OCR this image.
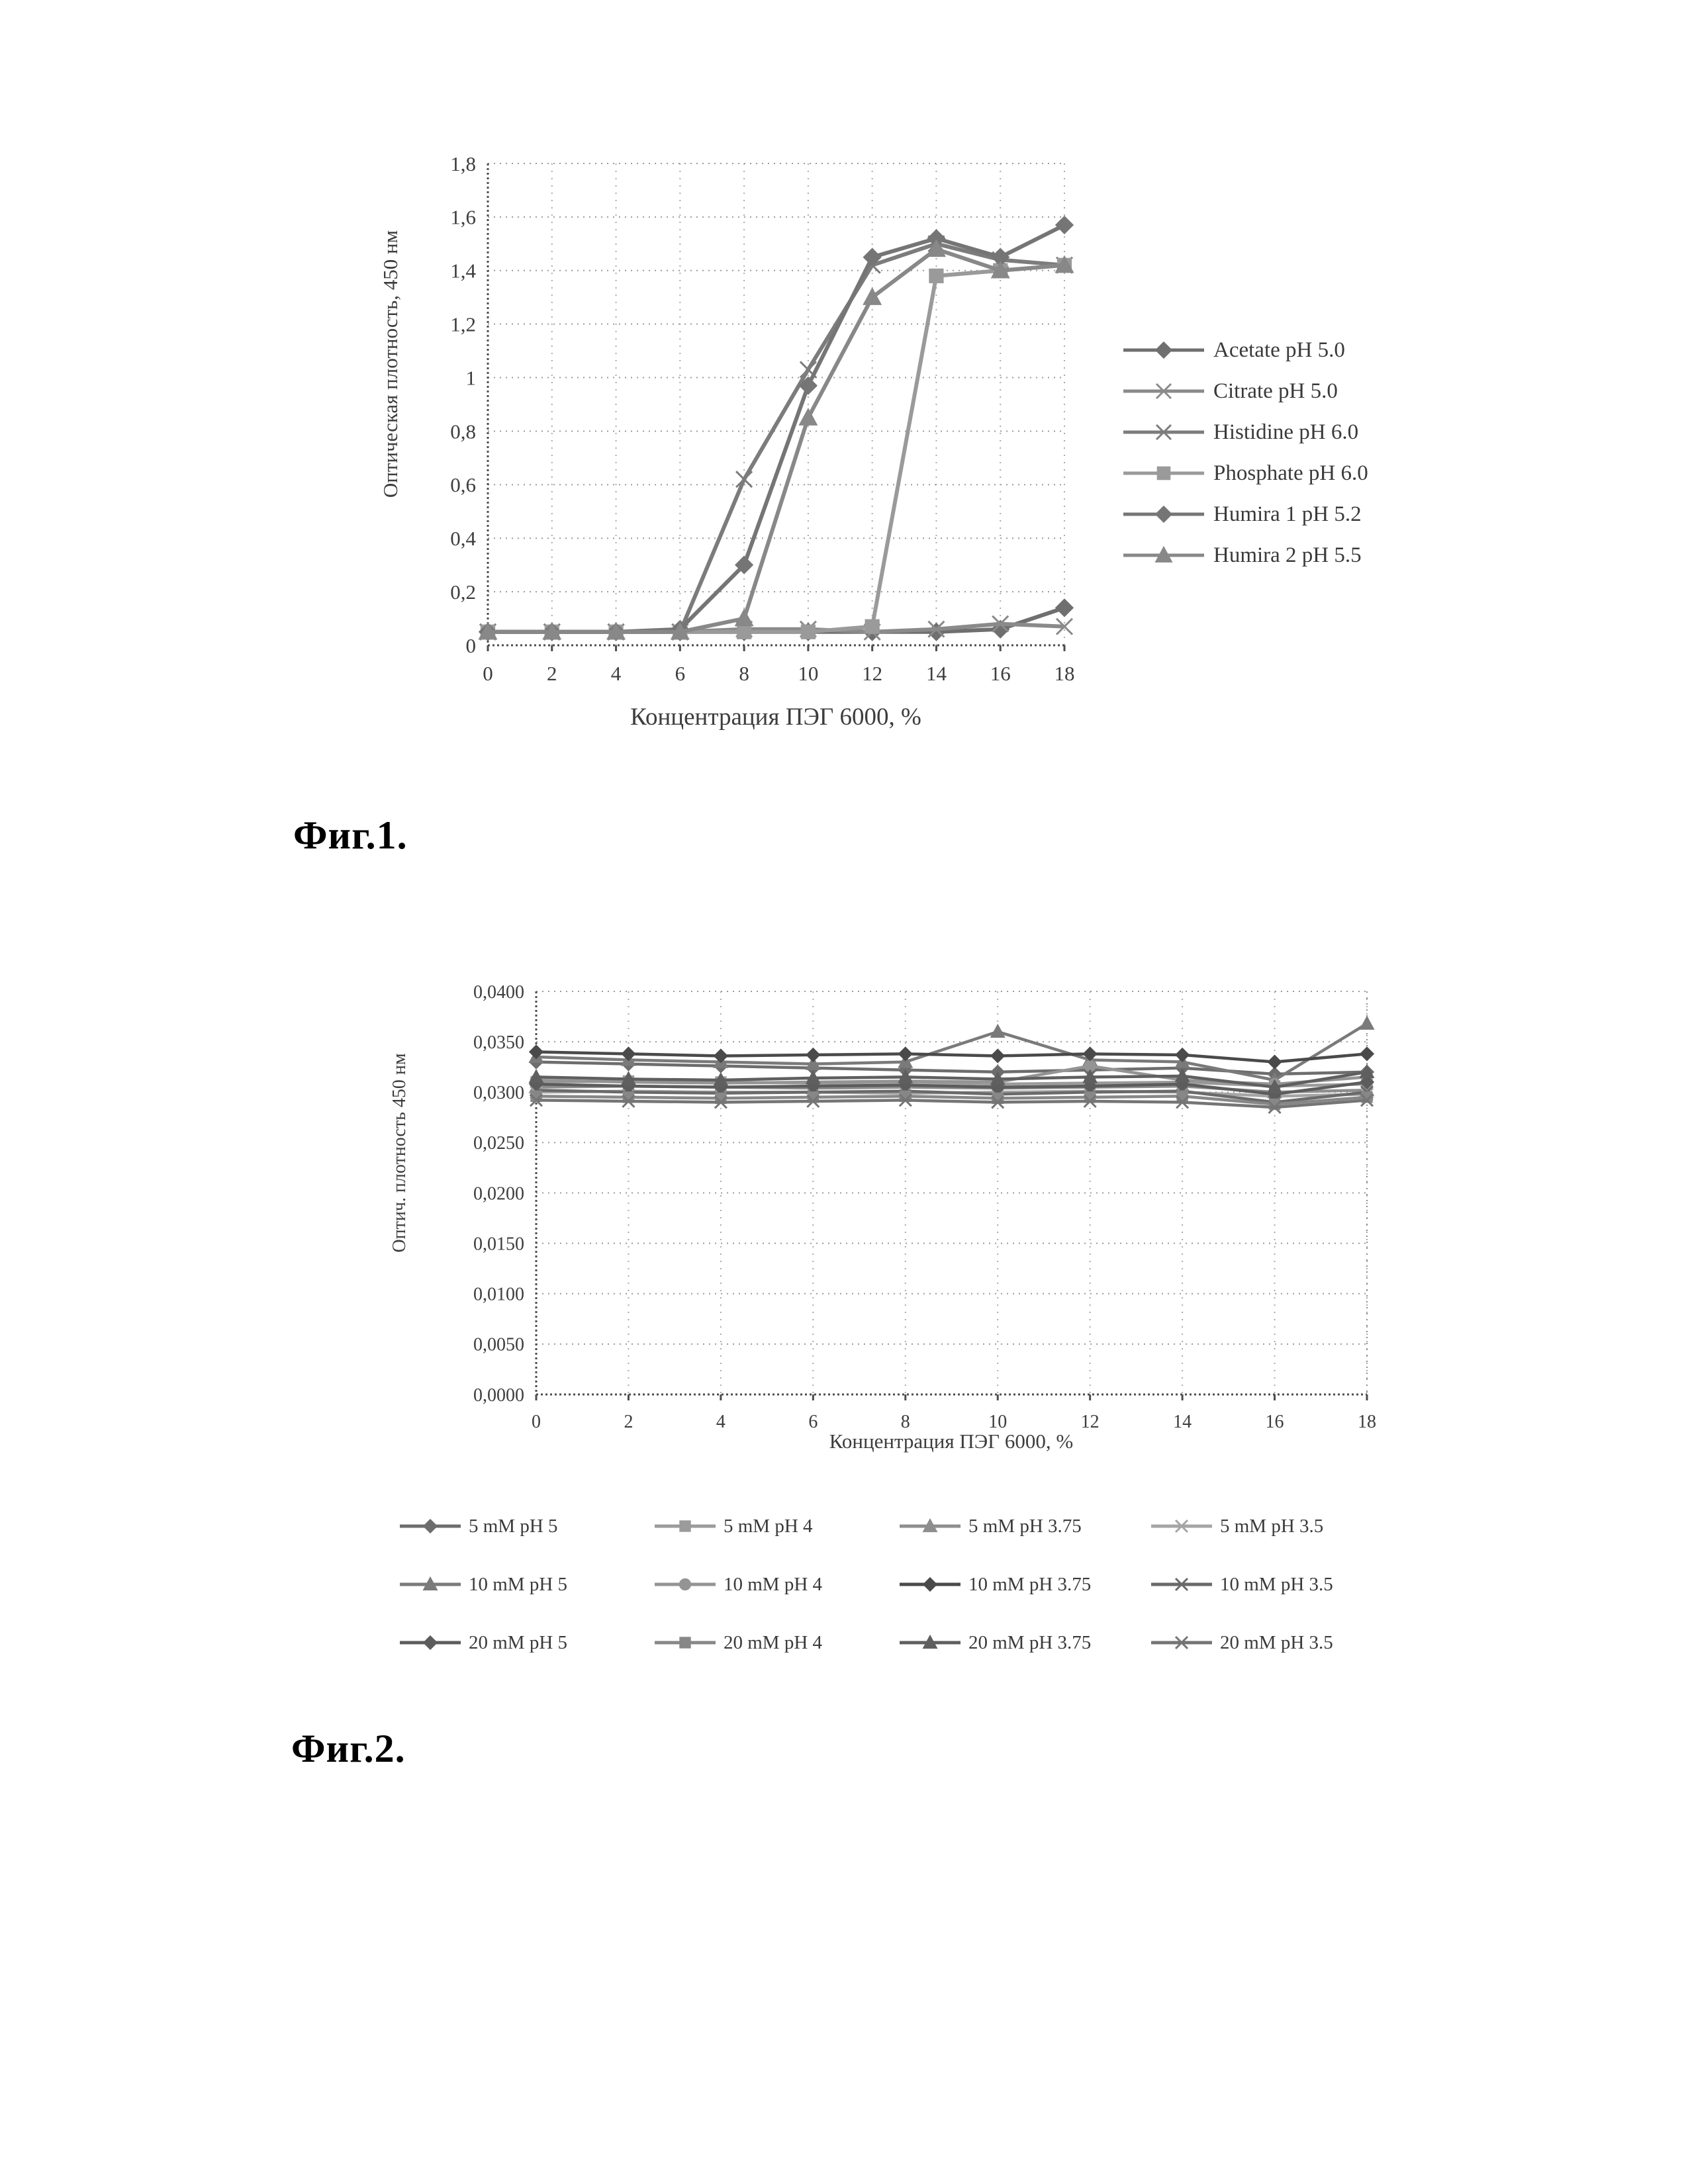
0
0,2
0,4
0,6
0,8
1
1,2
1,4
1,6
1,8
0	2	4	6	8 10 12 14 16 18
Оптическая плотность, 450 нм
Концентрация ПЭГ 6000, %
Acetate pH 5.0
Citrate pH 5.0
Histidine pH 6.0
Phosphate pH 6.0
Humira 1 pH 5.2
Humira 2 pH 5.5
Фиг.1.
0,0000
0,0050
0,0100
0,0150
0,0200
0,0250
0,0300
0,0350
0,0400
0	2	4	6	8	10	12	14	16	18
Оптич. плотность 450 нм
Концентрация ПЭГ 6000, %
5 mM pH 5	5 mM pH 4	5 mM pH 3.75	5 mM pH 3.5
10 mM pH 5	10 mM pH 4	10 mM pH 3.75	10 mM pH 3.5
20 mM pH 5	20 mM pH 4	20 mM pH 3.75	20 mM pH 3.5
Фиг.2.
